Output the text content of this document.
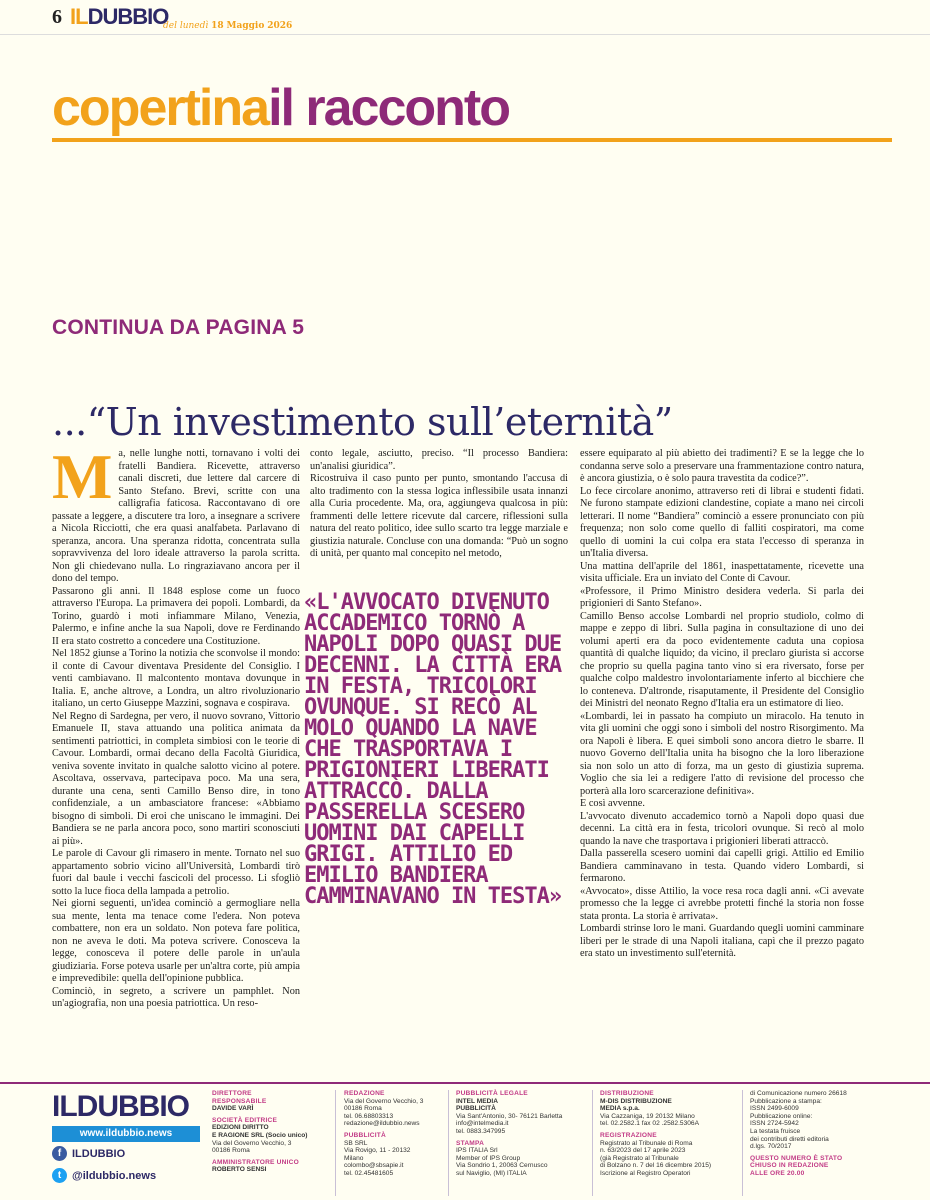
6 ILDUBBIO
del lunedì 18 Maggio 2026
copertinail racconto
CONTINUA DA PAGINA 5
...“Un investimento sull’eternità”
M a, nelle lunghe notti, tornavano i volti dei fratelli Bandiera. Ricevette, attraverso canali discreti, due lettere dal carcere di Santo Stefano. Brevi, scritte con una calligrafia faticosa. Raccontavano di ore passate a leggere, a discutere tra loro, a insegnare a scrivere a Nicola Ricciotti, che era quasi analfabeta. Parlavano di speranza, ancora. Una speranza ridotta, concentrata sulla sopravvivenza del loro ideale attraverso la parola scritta. Non gli chiedevano nulla. Lo ringraziavano ancora per il dono del tempo.

Passarono gli anni. Il 1848 esplose come un fuoco attraverso l'Europa. La primavera dei popoli. Lombardi, da Torino, guardò i moti infiammare Milano, Venezia, Palermo, e infine anche la sua Napoli, dove re Ferdinando II era stato costretto a concedere una Costituzione.

Nel 1852 giunse a Torino la notizia che sconvolse il mondo: il conte di Cavour diventava Presidente del Consiglio. I venti cambiavano. Il malcontento montava dovunque in Italia. E, anche altrove, a Londra, un altro rivoluzionario italiano, un certo Giuseppe Mazzini, sognava e cospirava.

Nel Regno di Sardegna, per vero, il nuovo sovrano, Vittorio Emanuele II, stava attuando una politica animata da sentimenti patriottici, in completa simbiosi con le teorie di Cavour. Lombardi, ormai decano della Facoltà Giuridica, veniva sovente invitato in qualche salotto vicino al potere. Ascoltava, osservava, partecipava poco. Ma una sera, durante una cena, sentì Camillo Benso dire, in tono confidenziale, a un ambasciatore francese: «Abbiamo bisogno di simboli. Di eroi che uniscano le immagini. Dei Bandiera se ne parla ancora poco, sono martiri sconosciuti ai più».

Le parole di Cavour gli rimasero in mente. Tornato nel suo appartamento sobrio vicino all'Università, Lombardi tirò fuori dal baule i vecchi fascicoli del processo. Li sfogliò sotto la luce fioca della lampada a petrolio.

Nei giorni seguenti, un'idea cominciò a germogliare nella sua mente, lenta ma tenace come l'edera. Non poteva combattere, non era un soldato. Non poteva fare politica, non ne aveva le doti. Ma poteva scrivere. Conosceva la legge, conosceva il potere delle parole in un'aula giudiziaria. Forse poteva usarle per un'altra corte, più ampia e imprevedibile: quella dell'opinione pubblica.

Cominciò, in segreto, a scrivere un pamphlet. Non un'agiografia, non una poesia patriottica. Un reso-

conto legale, asciutto, preciso. “Il processo Bandiera: un'analisi giuridica”.

Ricostruiva il caso punto per punto, smontando l'accusa di alto tradimento con la stessa logica inflessibile usata innanzi alla Curia procedente. Ma, ora, aggiungeva qualcosa in più: frammenti delle lettere ricevute dal carcere, riflessioni sulla natura del reato politico, idee sullo scarto tra legge marziale e giustizia naturale. Concluse con una domanda: “Può un sogno di unità, per quanto mal concepito nel metodo,

«L'AVVOCATO DIVENUTO ACCADEMICO TORNÒ A NAPOLI DOPO QUASI DUE DECENNI. LA CITTÀ ERA IN FESTA, TRICOLORI OVUNQUE. SI RECÒ AL MOLO QUANDO LA NAVE CHE TRASPORTAVA I PRIGIONIERI LIBERATI ATTRACCÒ. DALLA PASSERELLA SCESERO UOMINI DAI CAPELLI GRIGI. ATTILIO ED EMILIO BANDIERA CAMMINAVANO IN TESTA»

essere equiparato al più abietto dei tradimenti? E se la legge che lo condanna serve solo a preservare una frammentazione contro natura, è ancora giustizia, o è solo paura travestita da codice?”.

Lo fece circolare anonimo, attraverso reti di librai e studenti fidati. Ne furono stampate edizioni clandestine, copiate a mano nei circoli letterari. Il nome “Bandiera” cominciò a essere pronunciato con più frequenza; non solo come quello di falliti cospiratori, ma come quello di uomini la cui colpa era stata l'eccesso di speranza in un'Italia diversa.

Una mattina dell'aprile del 1861, inaspettatamente, ricevette una visita ufficiale. Era un inviato del Conte di Cavour.

«Professore, il Primo Ministro desidera vederla. Si parla dei prigionieri di Santo Stefano».

Camillo Benso accolse Lombardi nel proprio studiolo, colmo di mappe e zeppo di libri. Sulla pagina in consultazione di uno dei volumi aperti era da poco evidentemente caduta una copiosa quantità di qualche liquido; da vicino, il preclaro giurista si accorse che proprio su quella pagina tanto vino si era riversato, forse per qualche colpo maldestro involontariamente inferto al bicchiere che lo conteneva. D'altronde, risaputamente, il Presidente del Consiglio dei Ministri del neonato Regno d'Italia era un estimatore di lieo.

«Lombardi, lei in passato ha compiuto un miracolo. Ha tenuto in vita gli uomini che oggi sono i simboli del nostro Risorgimento. Ma ora Napoli è libera. E quei simboli sono ancora dietro le sbarre. Il nuovo Governo dell'Italia unita ha bisogno che la loro liberazione sia non solo un atto di forza, ma un gesto di giustizia suprema. Voglio che sia lei a redigere l'atto di revisione del processo che porterà alla loro scarcerazione definitiva».

E così avvenne.

L'avvocato divenuto accademico tornò a Napoli dopo quasi due decenni. La città era in festa, tricolori ovunque. Si recò al molo quando la nave che trasportava i prigionieri liberati attraccò.

Dalla passerella scesero uomini dai capelli grigi. Attilio ed Emilio Bandiera camminavano in testa. Quando videro Lombardi, si fermarono.

«Avvocato», disse Attilio, la voce resa roca dagli anni. «Ci avevate promesso che la legge ci avrebbe protetti finché la storia non fosse stata pronta. La storia è arrivata».

Lombardi strinse loro le mani. Guardando quegli uomini camminare liberi per le strade di una Napoli italiana, capì che il prezzo pagato era stato un investimento sull'eternità.

ILDUBBIO
www.ildubbio.news
f ILDUBBIO
t @ildubbio.news
DIRETTORE
RESPONSABILE
DAVIDE VARÌ
SOCIETÀ EDITRICE
EDIZIONI DIRITTO
E RAGIONE SRL (Socio unico)
Via del Governo Vecchio, 3
00186 Roma
AMMINISTRATORE UNICO
ROBERTO SENSI
REDAZIONE
Via del Governo Vecchio, 3
00186 Roma
tel. 06.68803313
redazione@ildubbio.news
PUBBLICITÀ
SB SRL
Via Rovigo, 11 - 20132
Milano
colombo@sbsapie.it
tel. 02.45481605
PUBBLICITÀ LEGALE
INTEL MEDIA
PUBBLICITÀ
Via Sant'Antonio, 30- 76121 Barletta
info@intelmedia.it
tel. 0883.347995
STAMPA
IPS ITALIA Srl
Member of IPS Group
Via Sondrio 1, 20063 Cernusco
sul Naviglio, (MI) ITALIA
DISTRIBUZIONE
M-DIS DISTRIBUZIONE
MEDIA s.p.a.
Via Cazzaniga, 19 20132 Milano
tel. 02.2582.1 fax 02 .2582.5306A
REGISTRAZIONE
Registrato al Tribunale di Roma
n. 63/2023 del 17 aprile 2023
(già Registrato al Tribunale
di Bolzano n. 7 del 16 dicembre 2015)
Iscrizione al Registro Operatori
di Comunicazione numero 26618
Pubblicazione a stampa:
ISSN 2499-6009
Pubblicazione online:
ISSN 2724-5942
La testata fruisce
dei contributi diretti editoria
d.lgs. 70/2017
QUESTO NUMERO È STATO
CHIUSO IN REDAZIONE
ALLE ORE 20.00
